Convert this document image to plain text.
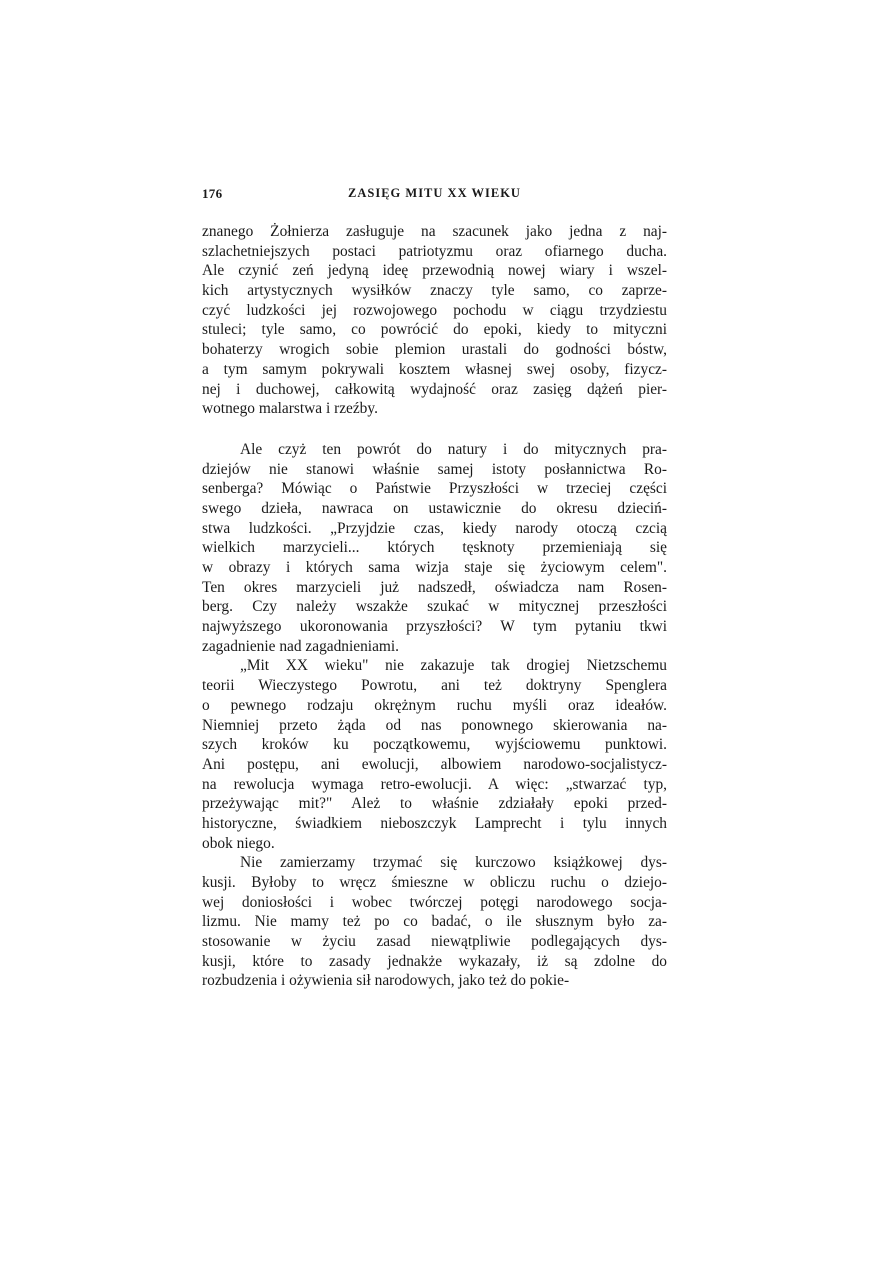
176	ZASIĘG MITU XX WIEKU
znanego Żołnierza zasługuje na szacunek jako jedna z naj-
szlachetniejszych postaci patriotyzmu oraz ofiarnego ducha.
Ale czynić zeń jedyną ideę przewodnią nowej wiary i wszel-
kich artystycznych wysiłków znaczy tyle samo, co zaprze-
czyć ludzkości jej rozwojowego pochodu w ciągu trzydziestu
stuleci; tyle samo, co powrócić do epoki, kiedy to mityczni
bohaterzy wrogich sobie plemion urastali do godności bóstw,
a tym samym pokrywali kosztem własnej swej osoby, fizycz-
nej i duchowej, całkowitą wydajność oraz zasięg dążeń pier-
wotnego malarstwa i rzeźby.
Ale czyż ten powrót do natury i do mitycznych pra-
dziejów nie stanowi właśnie samej istoty posłannictwa Ro-
senberga? Mówiąc o Państwie Przyszłości w trzeciej części
swego dzieła, nawraca on ustawicznie do okresu dzieciń-
stwa ludzkości. „Przyjdzie czas, kiedy narody otoczą czcią
wielkich marzycieli... których tęsknoty przemieniają się
w obrazy i których sama wizja staje się życiowym celem".
Ten okres marzycieli już nadszedł, oświadcza nam Rosen-
berg. Czy należy wszakże szukać w mitycznej przeszłości
najwyższego ukoronowania przyszłości? W tym pytaniu tkwi
zagadnienie nad zagadnieniami.
„Mit XX wieku" nie zakazuje tak drogiej Nietzschemu
teorii Wieczystego Powrotu, ani też doktryny Spenglera
o pewnego rodzaju okrężnym ruchu myśli oraz ideałów.
Niemniej przeto żąda od nas ponownego skierowania na-
szych kroków ku początkowemu, wyjściowemu punktowi.
Ani postępu, ani ewolucji, albowiem narodowo-socjalistycz-
na rewolucja wymaga retro-ewolucji. A więc: „stwarzać typ,
przeżywając mit?" Ależ to właśnie zdziałały epoki przed-
historyczne, świadkiem nieboszczyk Lamprecht i tylu innych
obok niego.
Nie zamierzamy trzymać się kurczowo książkowej dys-
kusji. Byłoby to wręcz śmieszne w obliczu ruchu o dziejo-
wej doniosłości i wobec twórczej potęgi narodowego socja-
lizmu. Nie mamy też po co badać, o ile słusznym było za-
stosowanie w życiu zasad niewątpliwie podlegających dys-
kusji, które to zasady jednakże wykazały, iż są zdolne do
rozbudzenia i ożywienia sił narodowych, jako też do pokie-
